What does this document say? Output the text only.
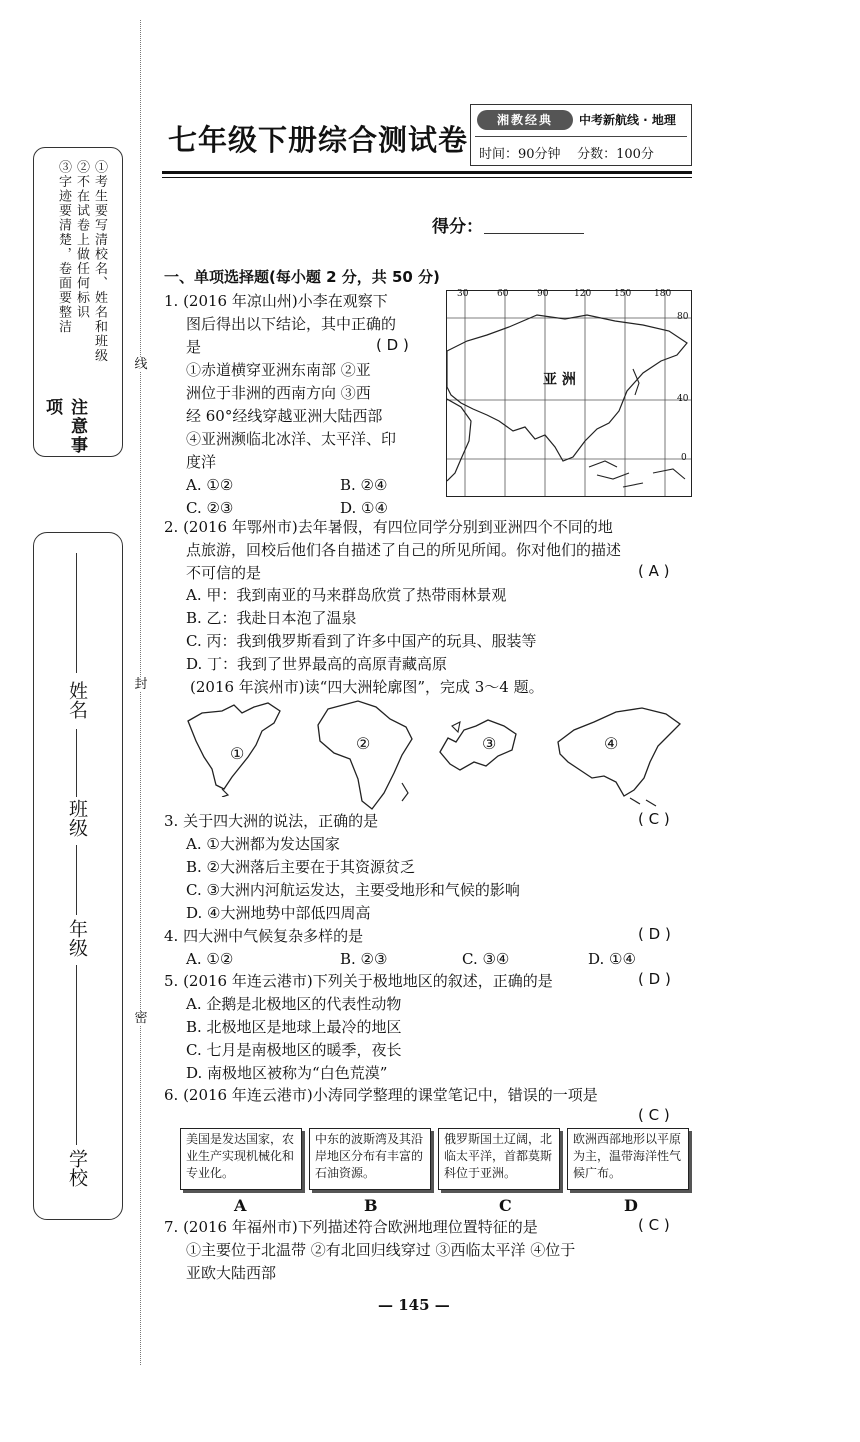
线
封
密
注意事项
①考生要写清校名、姓名和班级
②不在试卷上做任何标识
③字迹要清楚，卷面要整洁
姓名
班级
年级
学校
七年级下册综合测试卷
湘教经典	中考新航线 · 地理
时间：90分钟 分数：100分
得分：
一、单项选择题(每小题 2 分，共 50 分)
1. (2016 年凉山州)小李在观察下
图后得出以下结论，其中正确的
是	( D )
①赤道横穿亚洲东南部 ②亚
洲位于非洲的西南方向 ③西
经 60°经线穿越亚洲大陆西部
④亚洲濒临北冰洋、太平洋、印
度洋
A. ①②	B. ②④
C. ②③	D. ①④
30	60	90	120	150	180
80
40
0
亚 洲
2. (2016 年鄂州市)去年暑假，有四位同学分别到亚洲四个不同的地
点旅游，回校后他们各自描述了自己的所见所闻。你对他们的描述
不可信的是	( A )
A. 甲：我到南亚的马来群岛欣赏了热带雨林景观
B. 乙：我赴日本泡了温泉
C. 丙：我到俄罗斯看到了许多中国产的玩具、服装等
D. 丁：我到了世界最高的高原青藏高原
(2016 年滨州市)读“四大洲轮廓图”，完成 3～4 题。
①
②	③	④
3. 关于四大洲的说法，正确的是	( C )
A. ①大洲都为发达国家
B. ②大洲落后主要在于其资源贫乏
C. ③大洲内河航运发达，主要受地形和气候的影响
D. ④大洲地势中部低四周高
4. 四大洲中气候复杂多样的是	( D )
A. ①②	B. ②③	C. ③④	D. ①④
5. (2016 年连云港市)下列关于极地地区的叙述，正确的是	( D )
A. 企鹅是北极地区的代表性动物
B. 北极地区是地球上最冷的地区
C. 七月是南极地区的暖季，夜长
D. 南极地区被称为“白色荒漠”
6. (2016 年连云港市)小涛同学整理的课堂笔记中，错误的一项是
( C )
美国是发达国家，农业生产实现机械化和专业化。
中东的波斯湾及其沿岸地区分布有丰富的石油资源。
俄罗斯国土辽阔，北临太平洋，首都莫斯科位于亚洲。
欧洲西部地形以平原为主，温带海洋性气候广布。
A	B	C	D
7. (2016 年福州市)下列描述符合欧洲地理位置特征的是	( C )
①主要位于北温带 ②有北回归线穿过 ③西临太平洋 ④位于
亚欧大陆西部
— 145 —
